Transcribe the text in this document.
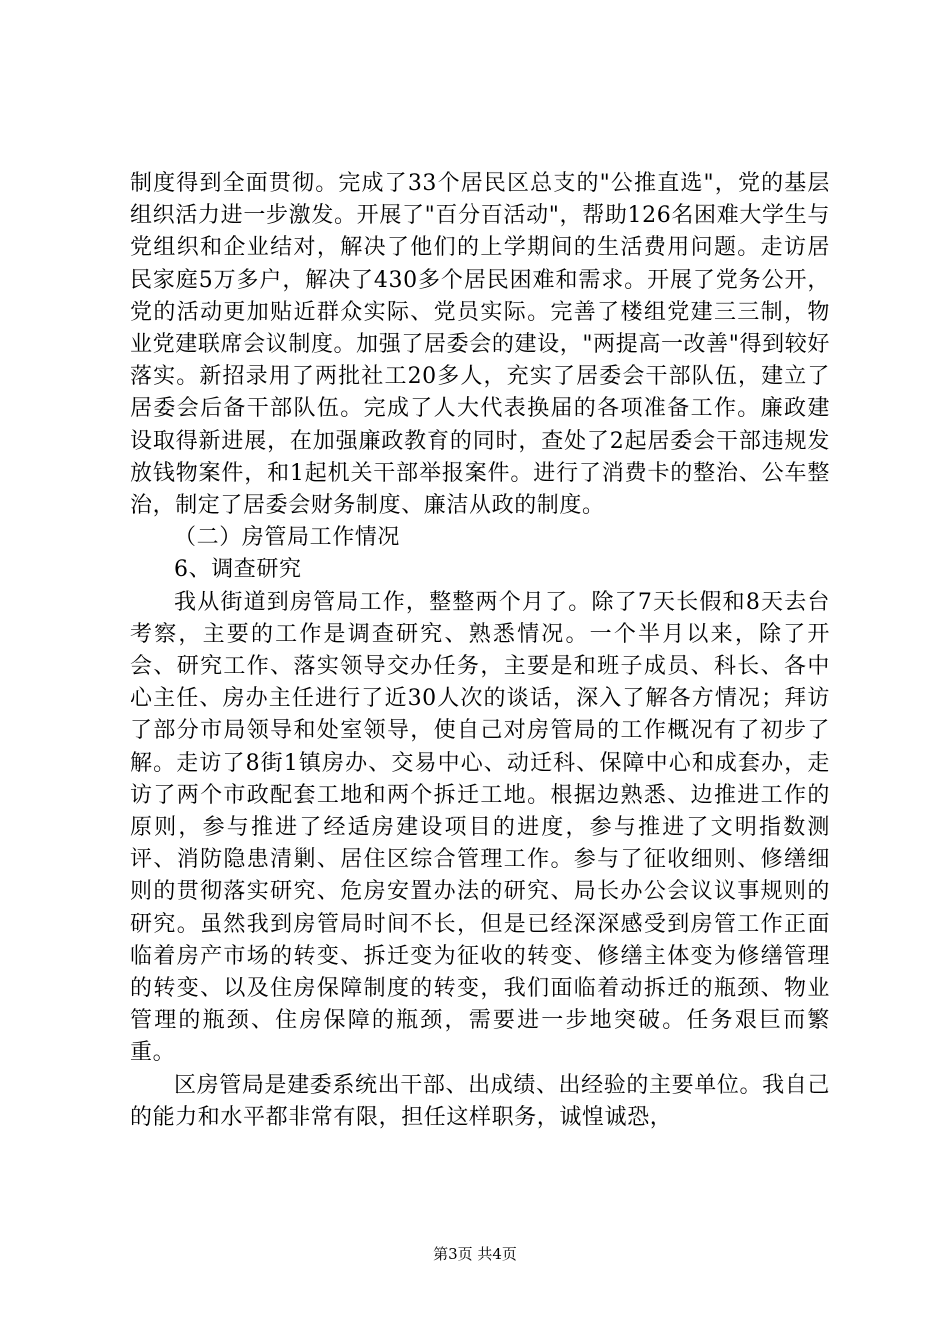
制度得到全面贯彻。完成了33个居民区总支的"公推直选"，党的基层组织活力进一步激发。开展了"百分百活动"，帮助126名困难大学生与党组织和企业结对，解决了他们的上学期间的生活费用问题。走访居民家庭5万多户，解决了430多个居民困难和需求。开展了党务公开，党的活动更加贴近群众实际、党员实际。完善了楼组党建三三制，物业党建联席会议制度。加强了居委会的建设，"两提高一改善"得到较好落实。新招录用了两批社工20多人，充实了居委会干部队伍，建立了居委会后备干部队伍。完成了人大代表换届的各项准备工作。廉政建设取得新进展，在加强廉政教育的同时，查处了2起居委会干部违规发放钱物案件，和1起机关干部举报案件。进行了消费卡的整治、公车整治，制定了居委会财务制度、廉洁从政的制度。

（二）房管局工作情况

6、调查研究

我从街道到房管局工作，整整两个月了。除了7天长假和8天去台考察，主要的工作是调查研究、熟悉情况。一个半月以来，除了开会、研究工作、落实领导交办任务，主要是和班子成员、科长、各中心主任、房办主任进行了近30人次的谈话，深入了解各方情况；拜访了部分市局领导和处室领导，使自己对房管局的工作概况有了初步了解。走访了8街1镇房办、交易中心、动迁科、保障中心和成套办，走访了两个市政配套工地和两个拆迁工地。根据边熟悉、边推进工作的原则，参与推进了经适房建设项目的进度，参与推进了文明指数测评、消防隐患清剿、居住区综合管理工作。参与了征收细则、修缮细则的贯彻落实研究、危房安置办法的研究、局长办公会议议事规则的研究。虽然我到房管局时间不长，但是已经深深感受到房管工作正面临着房产市场的转变、拆迁变为征收的转变、修缮主体变为修缮管理的转变、以及住房保障制度的转变，我们面临着动拆迁的瓶颈、物业管理的瓶颈、住房保障的瓶颈，需要进一步地突破。任务艰巨而繁重。

区房管局是建委系统出干部、出成绩、出经验的主要单位。我自己的能力和水平都非常有限，担任这样职务，诚惶诚恐，

第3页 共4页
